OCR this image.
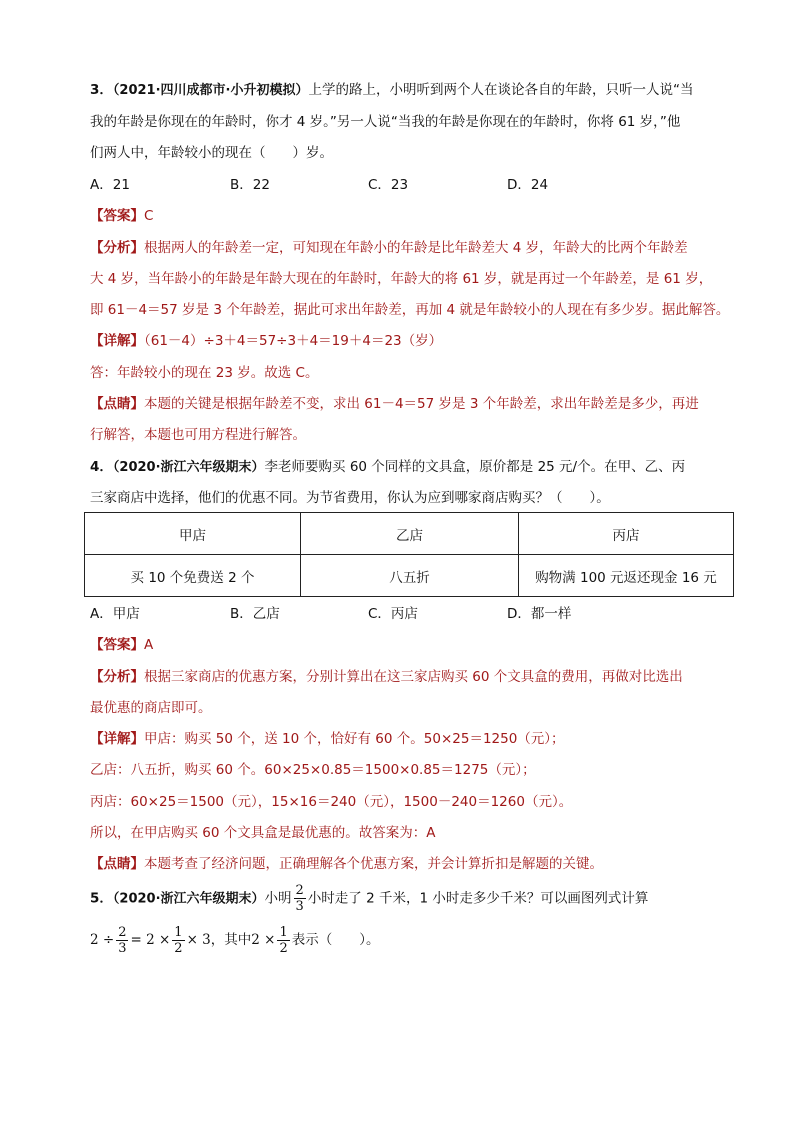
3．（2021·四川成都市·小升初模拟）上学的路上，小明听到两个人在谈论各自的年龄，只听一人说“当
我的年龄是你现在的年龄时，你才 4 岁。”另一人说“当我的年龄是你现在的年龄时，你将 61 岁，”他
们两人中，年龄较小的现在（　　）岁。
A．21	B．22	C．23	D．24
【答案】C
【分析】根据两人的年龄差一定，可知现在年龄小的年龄是比年龄差大 4 岁，年龄大的比两个年龄差
大 4 岁，当年龄小的年龄是年龄大现在的年龄时，年龄大的将 61 岁，就是再过一个年龄差，是 61 岁，
即 61－4＝57 岁是 3 个年龄差，据此可求出年龄差，再加 4 就是年龄较小的人现在有多少岁。据此解答。
【详解】（61－4）÷3＋4＝57÷3＋4＝19＋4＝23（岁）
答：年龄较小的现在 23 岁。故选 C。
【点睛】本题的关键是根据年龄差不变，求出 61－4＝57 岁是 3 个年龄差，求出年龄差是多少，再进
行解答，本题也可用方程进行解答。
4．（2020·浙江六年级期末）李老师要购买 60 个同样的文具盒，原价都是 25 元/个。在甲、乙、丙
三家商店中选择，他们的优惠不同。为节省费用，你认为应到哪家商店购买？（　　）。
甲店	乙店	丙店
买 10 个免费送 2 个	八五折	购物满 100 元返还现金 16 元
A．甲店	B．乙店	C．丙店	D．都一样
【答案】A
【分析】根据三家商店的优惠方案，分别计算出在这三家店购买 60 个文具盒的费用，再做对比选出
最优惠的商店即可。
【详解】甲店：购买 50 个，送 10 个，恰好有 60 个。50×25＝1250（元）；
乙店：八五折，购买 60 个。60×25×0.85＝1500×0.85＝1275（元）；
丙店：60×25＝1500（元），15×16＝240（元），1500－240＝1260（元）。
所以，在甲店购买 60 个文具盒是最优惠的。故答案为：A
【点睛】本题考查了经济问题，正确理解各个优惠方案，并会计算折扣是解题的关键。
5．（2020·浙江六年级期末）小明 $\frac{2}{3}$ 小时走了 2 千米，1 小时走多少千米？可以画图列式计算
$2 \div \frac{2}{3} = 2 \times \frac{1}{2} \times 3$，其中$2 \times \frac{1}{2}$ 表示（　　）。
